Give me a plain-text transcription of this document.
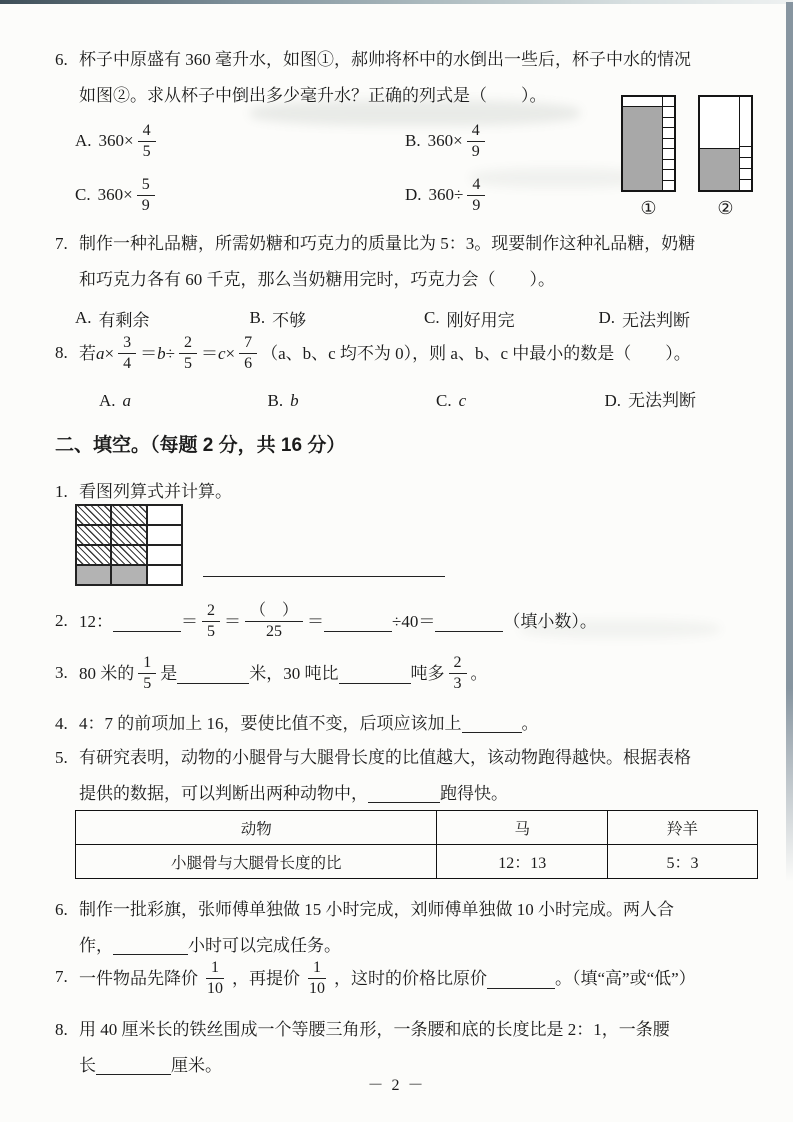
6. 杯子中原盛有 360 毫升水，如图①，郝帅将杯中的水倒出一些后，杯子中水的情况
如图②。求从杯子中倒出多少毫升水？正确的列式是（　　）。
A. $360\times \frac{4}{5}$	B. $360\times \frac{4}{9}$
C. $360\times \frac{5}{9}$	D. $360\div \frac{4}{9}$	①	②
7. 制作一种礼品糖，所需奶糖和巧克力的质量比为 5：3。现要制作这种礼品糖，奶糖
和巧克力各有 60 千克，那么当奶糖用完时，巧克力会（　　）。
A. 有剩余	B. 不够	C. 刚好用完	D. 无法判断
8. 若 $a \times \frac{3}{4} = b \div \frac{2}{5} = c \times \frac{7}{6} (a$、b、c 均不为 0），则 a、b、c 中最小的数是（　　）。
A. a	B. b	C. c	D. 无法判断
二、填空。（每题 2 分，共 16 分）
1. 看图列算式并计算。
2. 12：	＝ $\frac{2}{5} = \frac{( )}{25}$ ＝	÷40＝	（填小数）。
3. 80 米的 $\frac{1}{5}$ 是	米，30 吨比	吨多 $\frac{2}{3}$ 。
4. 4：7 的前项加上 16，要使比值不变，后项应该加上	。
5. 有研究表明，动物的小腿骨与大腿骨长度的比值越大，该动物跑得越快。根据表格
提供的数据，可以判断出两种动物中，	跑得快。
动物	马	羚羊
小腿骨与大腿骨长度的比	12：13	5：3
6. 制作一批彩旗，张师傅单独做 15 小时完成，刘师傅单独做 10 小时完成。两人合
作，	小时可以完成任务。
7. 一件物品先降价 $\frac{1}{10}$ ，再提价 $\frac{1}{10}$ ，这时的价格比原价	。（填“高”或“低”）
8. 用 40 厘米长的铁丝围成一个等腰三角形，一条腰和底的长度比是 2：1，一条腰
长	厘米。
－ 2 －
